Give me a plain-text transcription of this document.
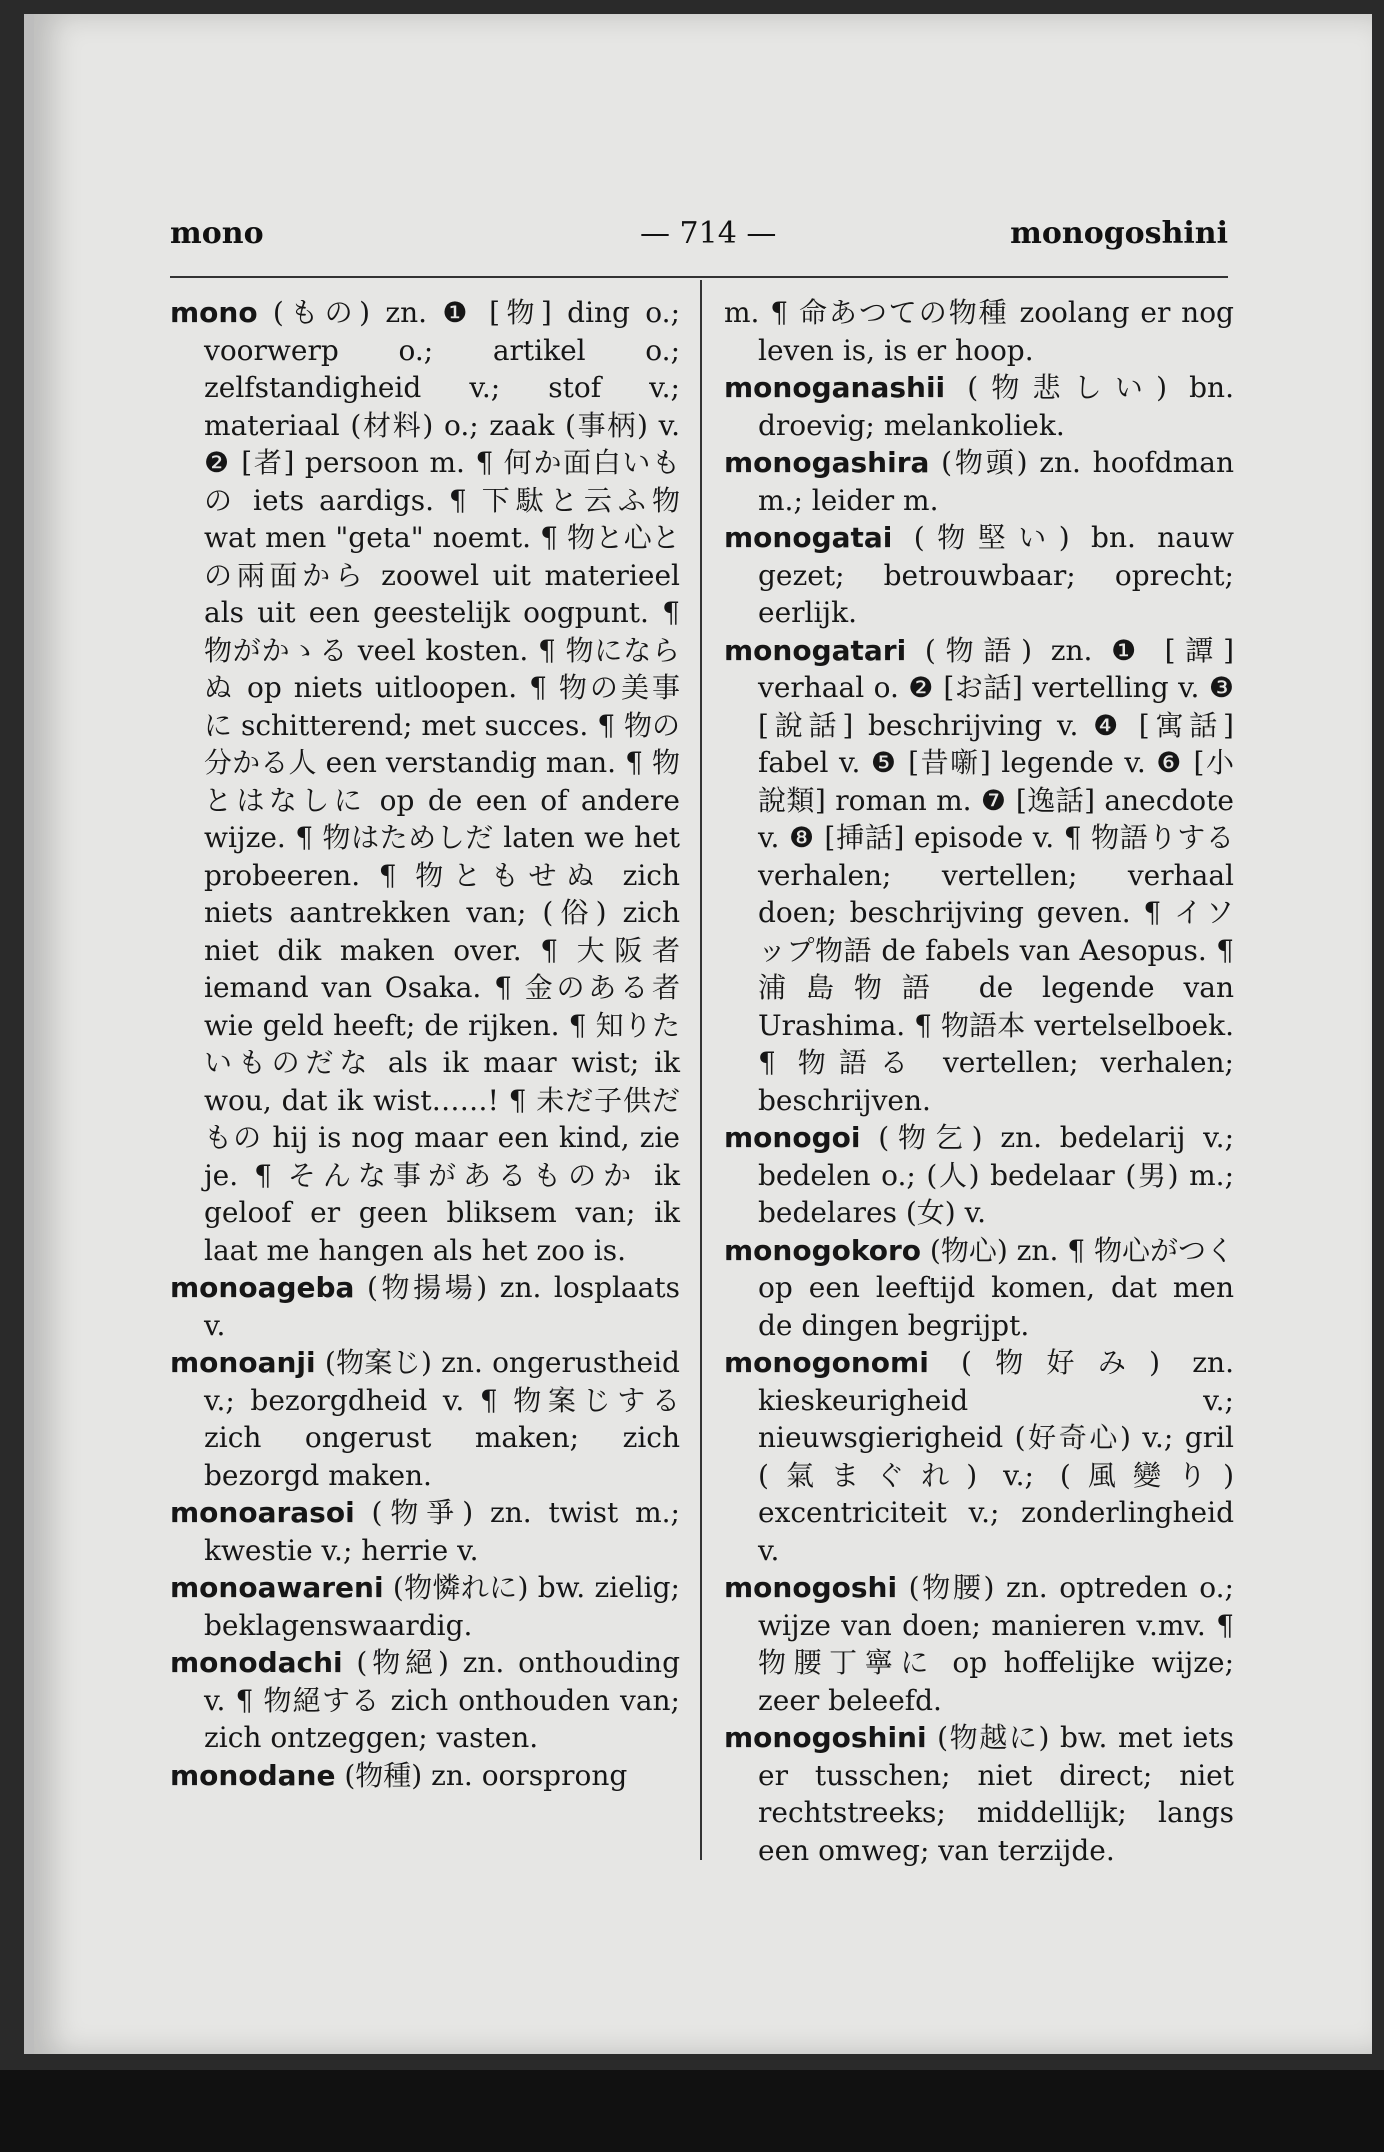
mono	— 714 —	monogoshini

mono (もの) zn. ❶ [物] ding o.; voorwerp o.; artikel o.; zelfstandigheid v.; stof v.; materiaal (材料) o.; zaak (事柄) v. ❷ [者] persoon m. ¶ 何か面白いもの iets aardigs. ¶ 下駄と云ふ物 wat men "geta" noemt. ¶ 物と心との兩面から zoowel uit materieel als uit een geestelijk oogpunt. ¶ 物がかゝる veel kosten. ¶ 物にならぬ op niets uitloopen. ¶ 物の美事に schitterend; met succes. ¶ 物の分かる人 een verstandig man. ¶ 物とはなしに op de een of andere wijze. ¶ 物はためしだ laten we het probeeren. ¶ 物ともせぬ zich niets aantrekken van; (俗) zich niet dik maken over. ¶ 大阪者 iemand van Osaka. ¶ 金のある者 wie geld heeft; de rijken. ¶ 知りたいものだな als ik maar wist; ik wou, dat ik wist……! ¶ 未だ子供だもの hij is nog maar een kind, zie je. ¶ そんな事があるものか ik geloof er geen bliksem van; ik laat me hangen als het zoo is.

monoageba (物揚場) zn. losplaats v.

monoanji (物案じ) zn. ongerustheid v.; bezorgdheid v. ¶ 物案じする zich ongerust maken; zich bezorgd maken.

monoarasoi (物爭) zn. twist m.; kwestie v.; herrie v.

monoawareni (物憐れに) bw. zielig; beklagenswaardig.

monodachi (物絕) zn. onthouding v. ¶ 物絕する zich onthouden van; zich ontzeggen; vasten.

monodane (物種) zn. oorsprong

m. ¶ 命あつての物種 zoolang er nog leven is, is er hoop.

monoganashii (物悲しい) bn. droevig; melankoliek.

monogashira (物頭) zn. hoofdman m.; leider m.

monogatai (物堅い) bn. nauw gezet; betrouwbaar; oprecht; eerlijk.

monogatari (物語) zn. ❶ [譚] verhaal o. ❷ [お話] vertelling v. ❸ [說話] beschrijving v. ❹ [寓話] fabel v. ❺ [昔噺] legende v. ❻ [小說類] roman m. ❼ [逸話] anecdote v. ❽ [挿話] episode v. ¶ 物語りする verhalen; vertellen; verhaal doen; beschrijving geven. ¶ イソップ物語 de fabels van Aesopus. ¶ 浦島物語 de legende van Urashima. ¶ 物語本 vertelselboek. ¶ 物語る vertellen; verhalen; beschrijven.

monogoi (物乞) zn. bedelarij v.; bedelen o.; (人) bedelaar (男) m.; bedelares (女) v.

monogokoro (物心) zn. ¶ 物心がつく op een leeftijd komen, dat men de dingen begrijpt.

monogonomi (物好み) zn. kieskeurigheid v.; nieuwsgierigheid (好奇心) v.; gril (氣まぐれ) v.; (風變り) excentriciteit v.; zonderlingheid v.

monogoshi (物腰) zn. optreden o.; wijze van doen; manieren v.mv. ¶ 物腰丁寧に op hoffelijke wijze; zeer beleefd.

monogoshini (物越に) bw. met iets er tusschen; niet direct; niet rechtstreeks; middellijk; langs een omweg; van terzijde.
